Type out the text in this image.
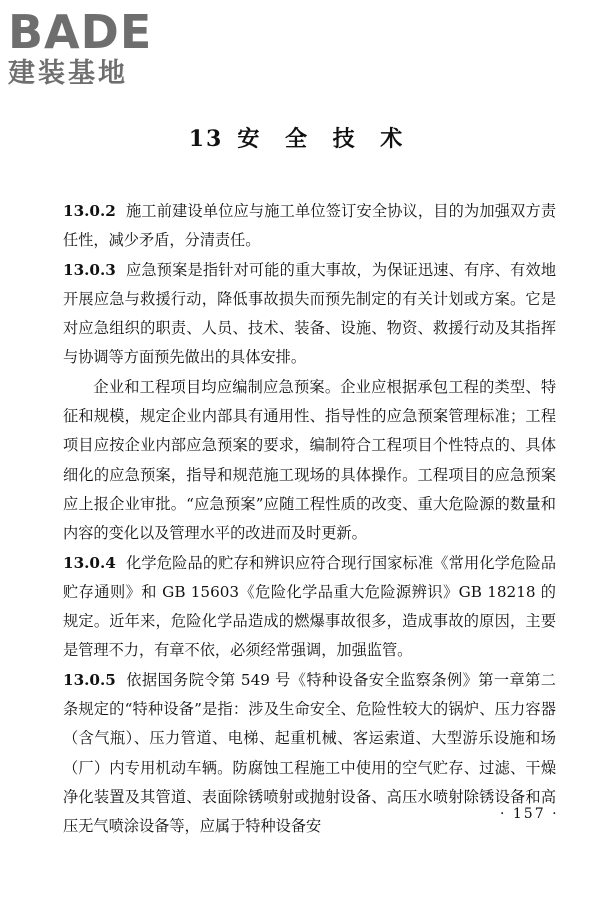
BADE
建装基地
13 安 全 技 术

13.0.2 施工前建设单位应与施工单位签订安全协议，目的为加强双方责任性，减少矛盾，分清责任。

13.0.3 应急预案是指针对可能的重大事故，为保证迅速、有序、有效地开展应急与救援行动，降低事故损失而预先制定的有关计划或方案。它是对应急组织的职责、人员、技术、装备、设施、物资、救援行动及其指挥与协调等方面预先做出的具体安排。

企业和工程项目均应编制应急预案。企业应根据承包工程的类型、特征和规模，规定企业内部具有通用性、指导性的应急预案管理标准；工程项目应按企业内部应急预案的要求，编制符合工程项目个性特点的、具体细化的应急预案，指导和规范施工现场的具体操作。工程项目的应急预案应上报企业审批。“应急预案”应随工程性质的改变、重大危险源的数量和内容的变化以及管理水平的改进而及时更新。

13.0.4 化学危险品的贮存和辨识应符合现行国家标准《常用化学危险品贮存通则》和 GB 15603《危险化学品重大危险源辨识》GB 18218 的规定。近年来，危险化学品造成的燃爆事故很多，造成事故的原因，主要是管理不力，有章不依，必须经常强调，加强监管。

13.0.5 依据国务院令第 549 号《特种设备安全监察条例》第一章第二条规定的“特种设备”是指：涉及生命安全、危险性较大的锅炉、压力容器（含气瓶）、压力管道、电梯、起重机械、客运索道、大型游乐设施和场（厂）内专用机动车辆。防腐蚀工程施工中使用的空气贮存、过滤、干燥净化装置及其管道、表面除锈喷射或抛射设备、高压水喷射除锈设备和高压无气喷涂设备等，应属于特种设备安

· 157 ·
